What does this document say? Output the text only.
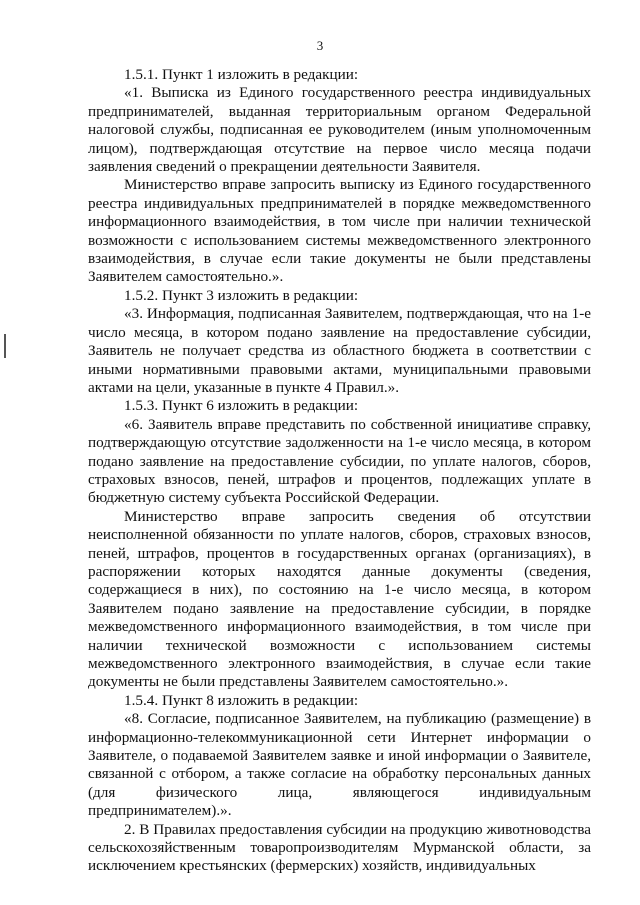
3

1.5.1. Пункт 1 изложить в редакции:

«1. Выписка из Единого государственного реестра индивидуальных предпринимателей, выданная территориальным органом Федеральной налоговой службы, подписанная ее руководителем (иным уполномоченным лицом), подтверждающая отсутствие на первое число месяца подачи заявления сведений о прекращении деятельности Заявителя.

Министерство вправе запросить выписку из Единого государственного реестра индивидуальных предпринимателей в порядке межведомственного информационного взаимодействия, в том числе при наличии технической возможности с использованием системы межведомственного электронного взаимодействия, в случае если такие документы не были представлены Заявителем самостоятельно.».

1.5.2. Пункт 3 изложить в редакции:

«3. Информация, подписанная Заявителем, подтверждающая, что на 1-е число месяца, в котором подано заявление на предоставление субсидии, Заявитель не получает средства из областного бюджета в соответствии с иными нормативными правовыми актами, муниципальными правовыми актами на цели, указанные в пункте 4 Правил.».

1.5.3. Пункт 6 изложить в редакции:

«6. Заявитель вправе представить по собственной инициативе справку, подтверждающую отсутствие задолженности на 1-е число месяца, в котором подано заявление на предоставление субсидии, по уплате налогов, сборов, страховых взносов, пеней, штрафов и процентов, подлежащих уплате в бюджетную систему субъекта Российской Федерации.

Министерство вправе запросить сведения об отсутствии неисполненной обязанности по уплате налогов, сборов, страховых взносов, пеней, штрафов, процентов в государственных органах (организациях), в распоряжении которых находятся данные документы (сведения, содержащиеся в них), по состоянию на 1-е число месяца, в котором Заявителем подано заявление на предоставление субсидии, в порядке межведомственного информационного взаимодействия, в том числе при наличии технической возможности с использованием системы межведомственного электронного взаимодействия, в случае если такие документы не были представлены Заявителем самостоятельно.».

1.5.4. Пункт 8 изложить в редакции:

«8. Согласие, подписанное Заявителем, на публикацию (размещение) в информационно-телекоммуникационной сети Интернет информации о Заявителе, о подаваемой Заявителем заявке и иной информации о Заявителе, связанной с отбором, а также согласие на обработку персональных данных (для физического лица, являющегося индивидуальным предпринимателем).».

2. В Правилах предоставления субсидии на продукцию животноводства сельскохозяйственным товаропроизводителям Мурманской области, за исключением крестьянских (фермерских) хозяйств, индивидуальных
